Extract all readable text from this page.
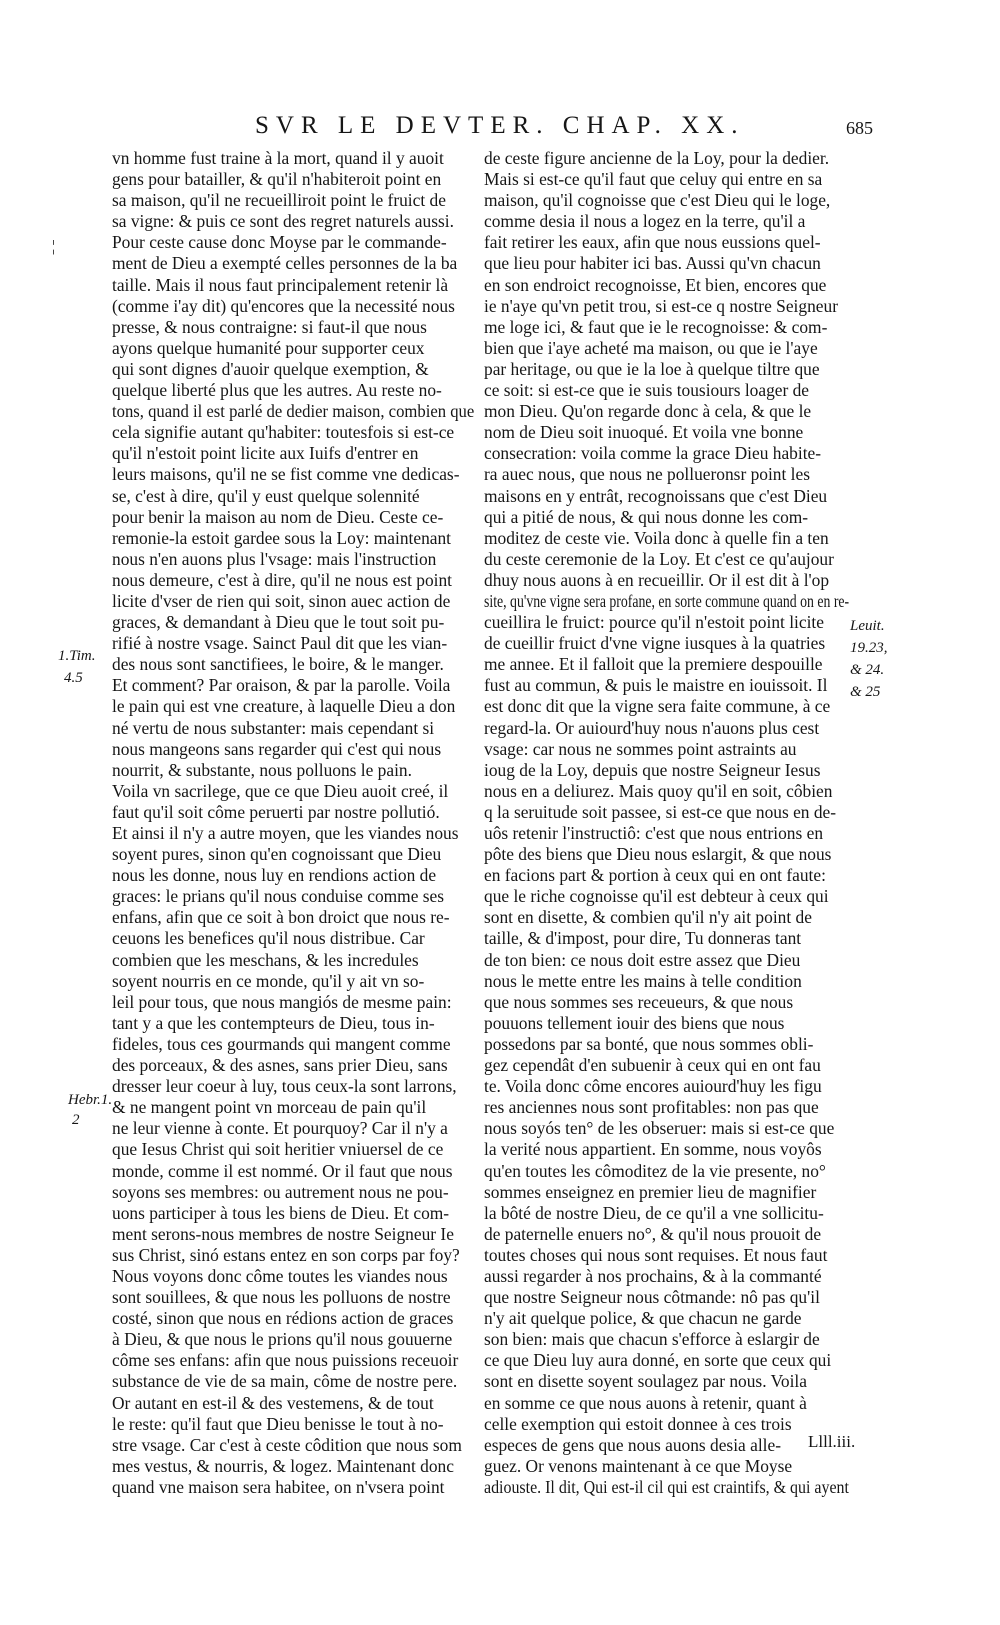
SVR LE DEVTER. CHAP. XX.	685
¦
vn homme fust traine à la mort, quand il y auoit
gens pour batailler, & qu'il n'habiteroit point en
sa maison, qu'il ne recueilliroit point le fruict de
sa vigne: & puis ce sont des regret naturels aussi.
Pour ceste cause donc Moyse par le commande-
ment de Dieu a exempté celles personnes de la ba
taille. Mais il nous faut principalement retenir là
(comme i'ay dit) qu'encores que la necessité nous
presse, & nous contraigne: si faut-il que nous
ayons quelque humanité pour supporter ceux
qui sont dignes d'auoir quelque exemption, &
quelque liberté plus que les autres. Au reste no-
tons, quand il est parlé de dedier maison, combien que
cela signifie autant qu'habiter: toutesfois si est-ce
qu'il n'estoit point licite aux Iuifs d'entrer en
leurs maisons, qu'il ne se fist comme vne dedicas-
se, c'est à dire, qu'il y eust quelque solennité
pour benir la maison au nom de Dieu. Ceste ce-
remonie-la estoit gardee sous la Loy: maintenant
nous n'en auons plus l'vsage: mais l'instruction
nous demeure, c'est à dire, qu'il ne nous est point
licite d'vser de rien qui soit, sinon auec action de
graces, & demandant à Dieu que le tout soit pu-
rifié à nostre vsage. Sainct Paul dit que les vian-
des nous sont sanctifiees, le boire, & le manger.
Et comment? Par oraison, & par la parolle. Voila
le pain qui est vne creature, à laquelle Dieu a don
né vertu de nous substanter: mais cependant si
nous mangeons sans regarder qui c'est qui nous
nourrit, & substante, nous polluons le pain.
Voila vn sacrilege, que ce que Dieu auoit creé, il
faut qu'il soit côme peruerti par nostre pollutió.
Et ainsi il n'y a autre moyen, que les viandes nous
soyent pures, sinon qu'en cognoissant que Dieu
nous les donne, nous luy en rendions action de
graces: le prians qu'il nous conduise comme ses
enfans, afin que ce soit à bon droict que nous re-
ceuons les benefices qu'il nous distribue. Car
combien que les meschans, & les incredules
soyent nourris en ce monde, qu'il y ait vn so-
leil pour tous, que nous mangiós de mesme pain:
tant y a que les contempteurs de Dieu, tous in-
fideles, tous ces gourmands qui mangent comme
des porceaux, & des asnes, sans prier Dieu, sans
dresser leur coeur à luy, tous ceux-la sont larrons,
& ne mangent point vn morceau de pain qu'il
ne leur vienne à conte. Et pourquoy? Car il n'y a
que Iesus Christ qui soit heritier vniuersel de ce
monde, comme il est nommé. Or il faut que nous
soyons ses membres: ou autrement nous ne pou-
uons participer à tous les biens de Dieu. Et com-
ment serons-nous membres de nostre Seigneur Ie
sus Christ, sinó estans entez en son corps par foy?
Nous voyons donc côme toutes les viandes nous
sont souillees, & que nous les polluons de nostre
costé, sinon que nous en rédions action de graces
à Dieu, & que nous le prions qu'il nous gouuerne
côme ses enfans: afin que nous puissions receuoir
substance de vie de sa main, côme de nostre pere.
Or autant en est-il & des vestemens, & de tout
le reste: qu'il faut que Dieu benisse le tout à no-
stre vsage. Car c'est à ceste côdition que nous som
mes vestus, & nourris, & logez. Maintenant donc
quand vne maison sera habitee, on n'vsera point
de ceste figure ancienne de la Loy, pour la dedier.
Mais si est-ce qu'il faut que celuy qui entre en sa
maison, qu'il cognoisse que c'est Dieu qui le loge,
comme desia il nous a logez en la terre, qu'il a
fait retirer les eaux, afin que nous eussions quel-
que lieu pour habiter ici bas. Aussi qu'vn chacun
en son endroict recognoisse, Et bien, encores que
ie n'aye qu'vn petit trou, si est-ce q nostre Seigneur
me loge ici, & faut que ie le recognoisse: & com-
bien que i'aye acheté ma maison, ou que ie l'aye
par heritage, ou que ie la loe à quelque tiltre que
ce soit: si est-ce que ie suis tousiours loager de
mon Dieu. Qu'on regarde donc à cela, & que le
nom de Dieu soit inuoqué. Et voila vne bonne
consecration: voila comme la grace Dieu habite-
ra auec nous, que nous ne pollueronsr point les
maisons en y entrât, recognoissans que c'est Dieu
qui a pitié de nous, & qui nous donne les com-
moditez de ceste vie. Voila donc à quelle fin a ten
du ceste ceremonie de la Loy. Et c'est ce qu'aujour
dhuy nous auons à en recueillir. Or il est dit à l'op
site, qu'vne vigne sera profane, en sorte commune quand on en re-
cueillira le fruict: pource qu'il n'estoit point licite
de cueillir fruict d'vne vigne iusques à la quatries
me annee. Et il falloit que la premiere despouille
fust au commun, & puis le maistre en iouissoit. Il
est donc dit que la vigne sera faite commune, à ce
regard-la. Or auiourd'huy nous n'auons plus cest
vsage: car nous ne sommes point astraints au
ioug de la Loy, depuis que nostre Seigneur Iesus
nous en a deliurez. Mais quoy qu'il en soit, côbien
q la seruitude soit passee, si est-ce que nous en de-
uôs retenir l'instructiô: c'est que nous entrions en
pôte des biens que Dieu nous eslargit, & que nous
en facions part & portion à ceux qui en ont faute:
que le riche cognoisse qu'il est debteur à ceux qui
sont en disette, & combien qu'il n'y ait point de
taille, & d'impost, pour dire, Tu donneras tant
de ton bien: ce nous doit estre assez que Dieu
nous le mette entre les mains à telle condition
que nous sommes ses receueurs, & que nous
pouuons tellement iouir des biens que nous
possedons par sa bonté, que nous sommes obli-
gez cependât d'en subuenir à ceux qui en ont fau
te. Voila donc côme encores auiourd'huy les figu
res anciennes nous sont profitables: non pas que
nous soyós ten° de les obseruer: mais si est-ce que
la verité nous appartient. En somme, nous voyôs
qu'en toutes les cômoditez de la vie presente, no°
sommes enseignez en premier lieu de magnifier
la bôté de nostre Dieu, de ce qu'il a vne sollicitu-
de paternelle enuers no°, & qu'il nous prouoit de
toutes choses qui nous sont requises. Et nous faut
aussi regarder à nos prochains, & à la commanté
que nostre Seigneur nous côtmande: nô pas qu'il
n'y ait quelque police, & que chacun ne garde
son bien: mais que chacun s'efforce à eslargir de
ce que Dieu luy aura donné, en sorte que ceux qui
sont en disette soyent soulagez par nous. Voila
en somme ce que nous auons à retenir, quant à
celle exemption qui estoit donnee à ces trois
especes de gens que nous auons desia alle-
guez. Or venons maintenant à ce que Moyse
adiouste. Il dit, Qui est-il cil qui est craintifs, & qui ayent
1.Tim.
4.5
Leuit.
19.23,
& 24.
& 25
Hebr.1.
2
Llll.iii.
